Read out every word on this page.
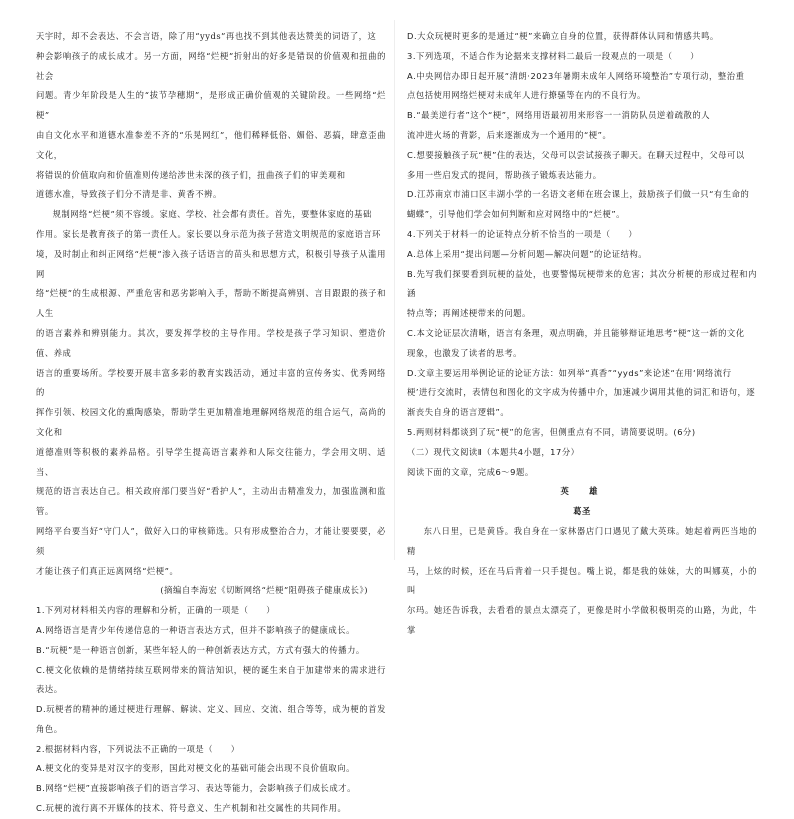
天宇时，却不会表达、不会言语，除了用“yyds”再也找不到其他表达赞美的词语了，这

种会影响孩子的成长成才。另一方面，网络“烂梗”折射出的好多是错误的价值观和扭曲的社会

问题。青少年阶段是人生的“拔节孕穗期”，是形成正确价值观的关键阶段。一些网络“烂梗”

由自文化水平和道德水准参差不齐的“乐晃网红”，他们稀释低俗、媚俗、恶搞，肆意歪曲文化，

将错误的价值取向和价值准则传递给涉世未深的孩子们，扭曲孩子们的审美观和

道德水准，导致孩子们分不清是非、黄香不辨。

规制网络“烂梗”须不容缓。家庭、学校、社会都有责任。首先，要整体家庭的基础

作用。家长是教育孩子的第一责任人。家长要以身示范为孩子营造文明规范的家庭语言环

境，及时制止和纠正网络“烂梗”渗入孩子话语言的苗头和思想方式，积极引导孩子从滥用网

络“烂梗”的生成根源、严重危害和恶劣影响入手，帮助不断提高辨别、言目跟跟的孩子和人生

的语言素养和辨别能力。其次，要发挥学校的主导作用。学校是孩子学习知识、塑造价值、养成

语言的重要场所。学校要开展丰富多彩的教育实践活动，通过丰富的宣传务实、优秀网络的

挥作引领、校园文化的熏陶感染，帮助学生更加精准地理解网络规范的组合运气，高尚的文化和

道德准则等积极的素养品格。引导学生提高语言素养和人际交往能力，学会用文明、适当、

规范的语言表达自己。相关政府部门要当好“看护人”，主动出击精准发力，加强监测和监管。

网络平台要当好“守门人”，做好入口的审核筛选。只有形成整治合力，才能让要要要，必须

才能让孩子们真正远离网络“烂梗”。

(摘编自李海宏《切断网络“烂梗”阻碍孩子健康成长》)

1.下列对材料相关内容的理解和分析，正确的一项是（　　）

A.网络语言是青少年传递信息的一种语言表达方式，但并不影响孩子的健康成长。

B.“玩梗”是一种语言创新，某些年轻人的一种创新表达方式，方式有强大的传播力。

C.梗文化依赖的是情绪持续互联网带来的简洁知识，梗的诞生来自于加建带来的需求进行表达。

D.玩梗者的精神的通过梗进行理解、解读、定义、回应、交流、组合等等，成为梗的首发角色。

2.根据材料内容，下列说法不正确的一项是（　　）

A.梗文化的变异是对汉字的变形，国此对梗文化的基础可能会出现不良价值取向。

B.网络“烂梗”直接影响孩子们的语言学习、表达等能力，会影响孩子们成长成才。

C.玩梗的流行离不开媒体的技术、符号意义、生产机制和社交属性的共同作用。

D.大众玩梗时更多的是通过“梗”来确立自身的位置，获得群体认同和情感共鸣。

3.下列选项，不适合作为论据来支撑材料二最后一段观点的一项是（　　）

A.中央网信办即日起开展“清朗·2023年暑期未成年人网络环境整治”专项行动，整治重

点包括使用网络烂梗对未成年人进行撩骚等在内的不良行为。

B.“最美逆行者”这个“梗”，网络用语最初用来形容一一消防队员逆着疏散的人

流冲进火场的背影，后来逐渐成为一个通用的“梗”。

C.想要接触孩子玩“梗”住的表达，父母可以尝试接孩子聊天。在聊天过程中，父母可以

多用一些启发式的提问，帮助孩子锻炼表达能力。

D.江苏南京市浦口区丰湖小学的一名语文老师在班会课上，鼓励孩子们做一只“有生命的

蝴蝶”，引导他们学会如何判断和应对网络中的“烂梗”。

4.下列关于材料一的论证特点分析不恰当的一项是（　　）

A.总体上采用“提出问题—分析问题—解决问题”的论证结构。

B.先写我们探要看到玩梗的益处，也要警惕玩梗带来的危害；其次分析梗的形成过程和内涵

特点等；再阐述梗带来的问题。

C.本文论证层次清晰，语言有条理，观点明确，并且能够辩证地思考“梗”这一新的文化

现象，也激发了读者的思考。

D.文章主要运用举例论证的论证方法：如列举“真香”“yyds”来论述“在用‘网络流行

梗’进行交流时，表情包和图化的文字成为传播中介，加速减少调用其他的词汇和语句，逐

渐丧失自身的语言逻辑”。

5.两则材料都谈到了玩“梗”的危害，但侧重点有不同，请简要说明。(6分)

（二）现代文阅读Ⅱ（本题共4小题，17分）

阅读下面的文章，完成6～9题。

英　雄

葛圣

东八日里，已是黄昏。我自身在一家林器店门口遇见了戴大英珠。她起着两匹当地的精

马，上炫的时候，还在马后背着一只手提包。嘴上说，都是我的妹妹，大的叫娜莫，小的叫

尔玛。她还告诉我，去看看的景点太漂亮了，更像是时小学做积极明亮的山路，为此，牛掌
